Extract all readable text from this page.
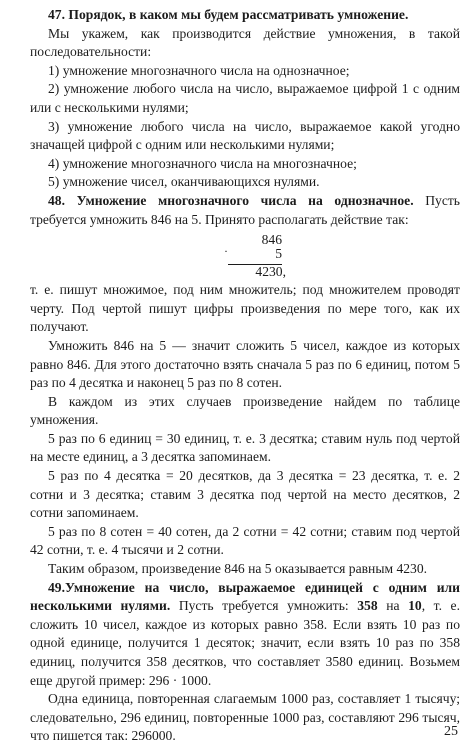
47. Порядок, в каком мы будем рассматривать умножение.

Мы укажем, как производится действие умножения, в такой последовательности:

1) умножение многозначного числа на однозначное;

2) умножение любого числа на число, выражаемое цифрой 1 с одним или с несколькими нулями;

3) умножение любого числа на число, выражаемое какой угодно значащей цифрой с одним или несколькими нулями;

4) умножение многозначного числа на многозначное;

5) умножение чисел, оканчивающихся нулями.

48. Умножение многозначного числа на однозначное. Пусть требуется умножить 846 на 5. Принято располагать действие так:

846
·	5
4230,

т. е. пишут множимое, под ним множитель; под множителем проводят черту. Под чертой пишут цифры произведения по мере того, как их получают.

Умножить 846 на 5 — значит сложить 5 чисел, каждое из которых равно 846. Для этого достаточно взять сначала 5 раз по 6 единиц, потом 5 раз по 4 десятка и наконец 5 раз по 8 сотен.

В каждом из этих случаев произведение найдем по таблице умножения.

5 раз по 6 единиц = 30 единиц, т. е. 3 десятка; ставим нуль под чертой на месте единиц, а 3 десятка запоминаем.

5 раз по 4 десятка = 20 десятков, да 3 десятка = 23 десятка, т. е. 2 сотни и 3 десятка; ставим 3 десятка под чертой на место десятков, 2 сотни запоминаем.

5 раз по 8 сотен = 40 сотен, да 2 сотни = 42 сотни; ставим под чертой 42 сотни, т. е. 4 тысячи и 2 сотни.

Таким образом, произведение 846 на 5 оказывается равным 4230.

49.Умножение на число, выражаемое единицей с одним или несколькими нулями. Пусть требуется умножить: 358 на 10, т. е. сложить 10 чисел, каждое из которых равно 358. Если взять 10 раз по одной единице, получится 1 десяток; значит, если взять 10 раз по 358 единиц, получится 358 десятков, что составляет 3580 единиц. Возьмем еще другой пример: 296 · 1000.

Одна единица, повторенная слагаемым 1000 раз, составляет 1 тысячу; следовательно, 296 единиц, повторенные 1000 раз, составляют 296 тысяч, что пишется так: 296000.	25
